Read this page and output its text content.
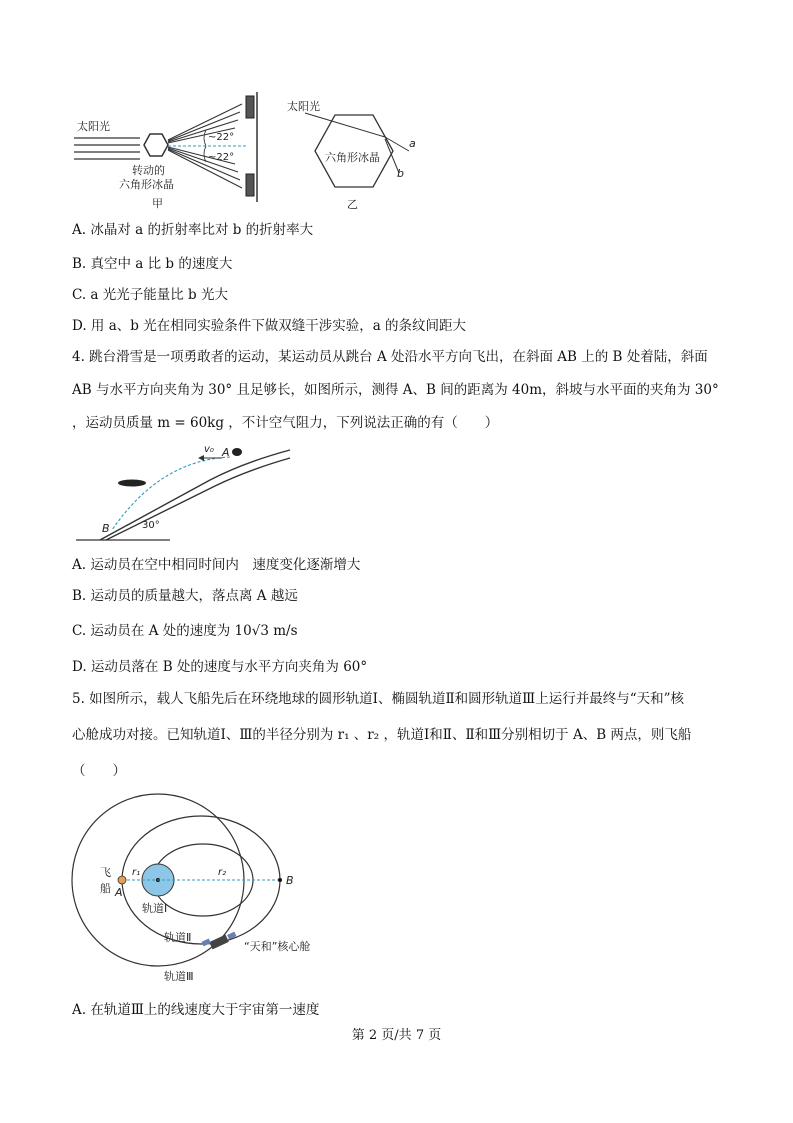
太阳光
~22°
~22°
转动的
六角形冰晶
甲
太阳光
a
b
六角形冰晶
乙
A. 冰晶对 a 的折射率比对 b 的折射率大
B. 真空中 a 比 b 的速度大
C. a 光光子能量比 b 光大
D. 用 a、b 光在相同实验条件下做双缝干涉实验，a 的条纹间距大
4. 跳台滑雪是一项勇敢者的运动，某运动员从跳台 A 处沿水平方向飞出，在斜面 AB 上的 B 处着陆，斜面
AB 与水平方向夹角为 30° 且足够长，如图所示，测得 A、B 间的距离为 40m，斜坡与水平面的夹角为 30°
，运动员质量 m = 60kg ，不计空气阻力，下列说法正确的有（　　）
v₀ A
B	30°
A. 运动员在空中相同时间内　速度变化逐渐增大
B. 运动员的质量越大，落点离 A 越远
C. 运动员在 A 处的速度为 10√3 m/s
D. 运动员落在 B 处的速度与水平方向夹角为 60°
5. 如图所示，载人飞船先后在环绕地球的圆形轨道Ⅰ、椭圆轨道Ⅱ和圆形轨道Ⅲ上运行并最终与“天和”核
心舱成功对接。已知轨道Ⅰ、Ⅲ的半径分别为 r₁ 、r₂ ，轨道Ⅰ和Ⅱ、Ⅱ和Ⅲ分别相切于 A、B 两点，则飞船
（　　）
飞
船 A
B
r₁	r₂
轨道Ⅰ
轨道Ⅱ
轨道Ⅲ
“天和”核心舱
A. 在轨道Ⅲ上的线速度大于宇宙第一速度
第 2 页/共 7 页
